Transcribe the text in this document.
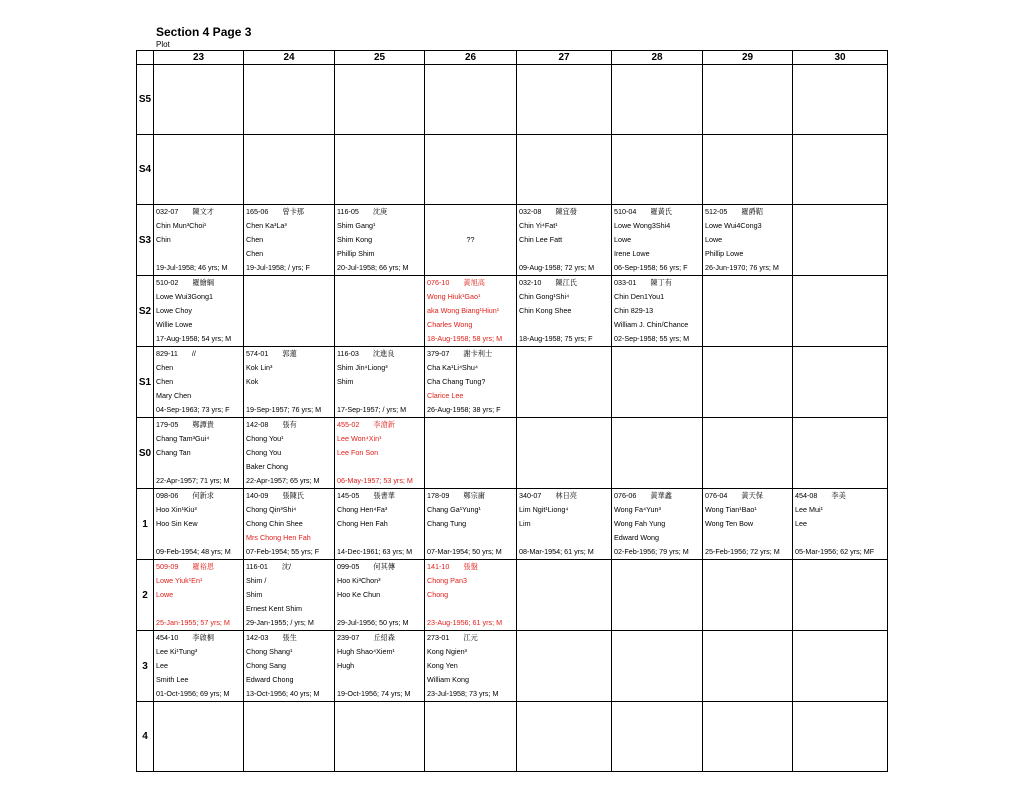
Section 4 Page 3
Plot
	23	24	25	26	27	28	29	30
S5								
S4								
S3	032-07 陳文才
Chin Mun³Choi¹
Chin
19-Jul-1958; 46 yrs; M	165-06 曾卡那
Chen Ka³La³
Chen
Chen
19-Jul-1958; / yrs; F	116-05 沈庚
Shim Gang¹
Shim Kong
Phillip Shim
20-Jul-1958; 66 yrs; M	??	032-08 陳宜發
Chin Yi⁴Fat¹
Chin Lee Fatt
09-Aug-1958; 72 yrs; M	510-04 羅黃氏
Lowe Wong3Shi4
Lowe
Irene Lowe
06-Sep-1958; 56 yrs; F	512-05 羅爵鞀
Lowe Wui4Cong3
Lowe
Phillip Lowe
26-Jun-1970; 76 yrs; M	

S2	510-02 羅繪綱
Lowe Wui3Gong1
Lowe Choy
Willie Lowe
17-Aug-1958; 54 yrs; M			076-10 黃旭高
Wong Hiuk¹Gao¹
aka Wong Biang¹Hiun¹
Charles Wong
18-Aug-1958; 58 yrs; M	032-10 陳江氏
Chin Gong¹Shi⁴
Chin Kong Shee
18-Aug-1958; 75 yrs; F	033-01 陳丁有
Chin Den1You1
Chin 829-13
William J. Chin/Chance
02-Sep-1958; 55 yrs; M		

S1	829-11 //
Chen
Chen
Mary Chen
04-Sep-1963; 73 yrs; F	574-01 郭蓮
Kok Lin³
Kok
19-Sep-1957; 76 yrs; M	116-03 沈進良
Shim Jin⁴Liong³
Shim
17-Sep-1957; / yrs; M	379-07 謝卡利士
Cha Ka¹Li⁴Shu⁴
Cha Chang Tung?
Clarice Lee
26-Aug-1958; 38 yrs; F				

S0	179-05 鄭譚貴
Chang Tam³Gui⁴
Chang Tan
22-Apr-1957; 71 yrs; M	142-08 張有
Chong You¹
Chong You
Baker Chong
22-Apr-1957; 65 yrs; M	455-02 李滄新
Lee Won⁴Xin¹
Lee Fon Son
06-May-1957; 53 yrs; M					

1	098-06 何新求
Hoo Xin¹Kiu³
Hoo Sin Kew
09-Feb-1954; 48 yrs; M	140-09 張陳氏
Chong Qin³Shi⁴
Chong Chin Shee
Mrs Chong Hen Fah
07-Feb-1954; 55 yrs; F	145-05 張書華
Chong Hen⁴Fa³
Chong Hen Fah
14-Dec-1961; 63 yrs; M	178-09 鄭宗庸
Chang Ga¹Yung¹
Chang Tung
07-Mar-1954; 50 yrs; M	340-07 林日亮
Lim Ngit¹Liong⁴
Lim
08-Mar-1954; 61 yrs; M	076-06 黃華鑫
Wong Fa⁴Yun³
Wong Fah Yung
Edward Wong
02-Feb-1956; 79 yrs; M	076-04 黃天保
Wong Tian¹Bao¹
Wong Ten Bow
25-Feb-1956; 72 yrs; M	454-08 李美
Lee Mui¹
Lee
05-Mar-1956; 62 yrs; MF

2	509-09 羅裕恩
Lowe Yiuk¹En¹
Lowe
25-Jan-1955; 57 yrs; M	116-01 沈/
Shim /
Shim
Ernest Kent Shim
29-Jan-1955; / yrs; M	099-05 何其傳
Hoo Ki³Chon³
Hoo Ke Chun
29-Jul-1956; 50 yrs; M	141-10 張盤
Chong Pan3
Chong
23-Aug-1956; 61 yrs; M				

3	454-10 李啟桐
Lee Ki¹Tung³
Lee
Smith Lee
01-Oct-1956; 69 yrs; M	142-03 張生
Chong Shang¹
Chong Sang
Edward Chong
13-Oct-1956; 40 yrs; M	239-07 丘紹森
Hugh Shao⁴Xiem¹
Hugh
19-Oct-1956; 74 yrs; M	273-01 江元
Kong Ngien³
Kong Yen
William Kong
23-Jul-1958; 73 yrs; M				

4								
